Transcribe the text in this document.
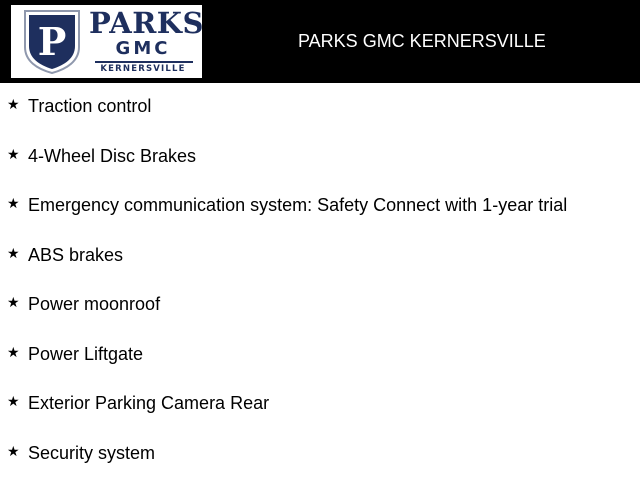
P PARKS
GMC
KERNERSVILLE
PARKS GMC KERNERSVILLE
★ Traction control
★ 4-Wheel Disc Brakes
★ Emergency communication system: Safety Connect with 1-year trial
★ ABS brakes
★ Power moonroof
★ Power Liftgate
★ Exterior Parking Camera Rear
★ Security system
